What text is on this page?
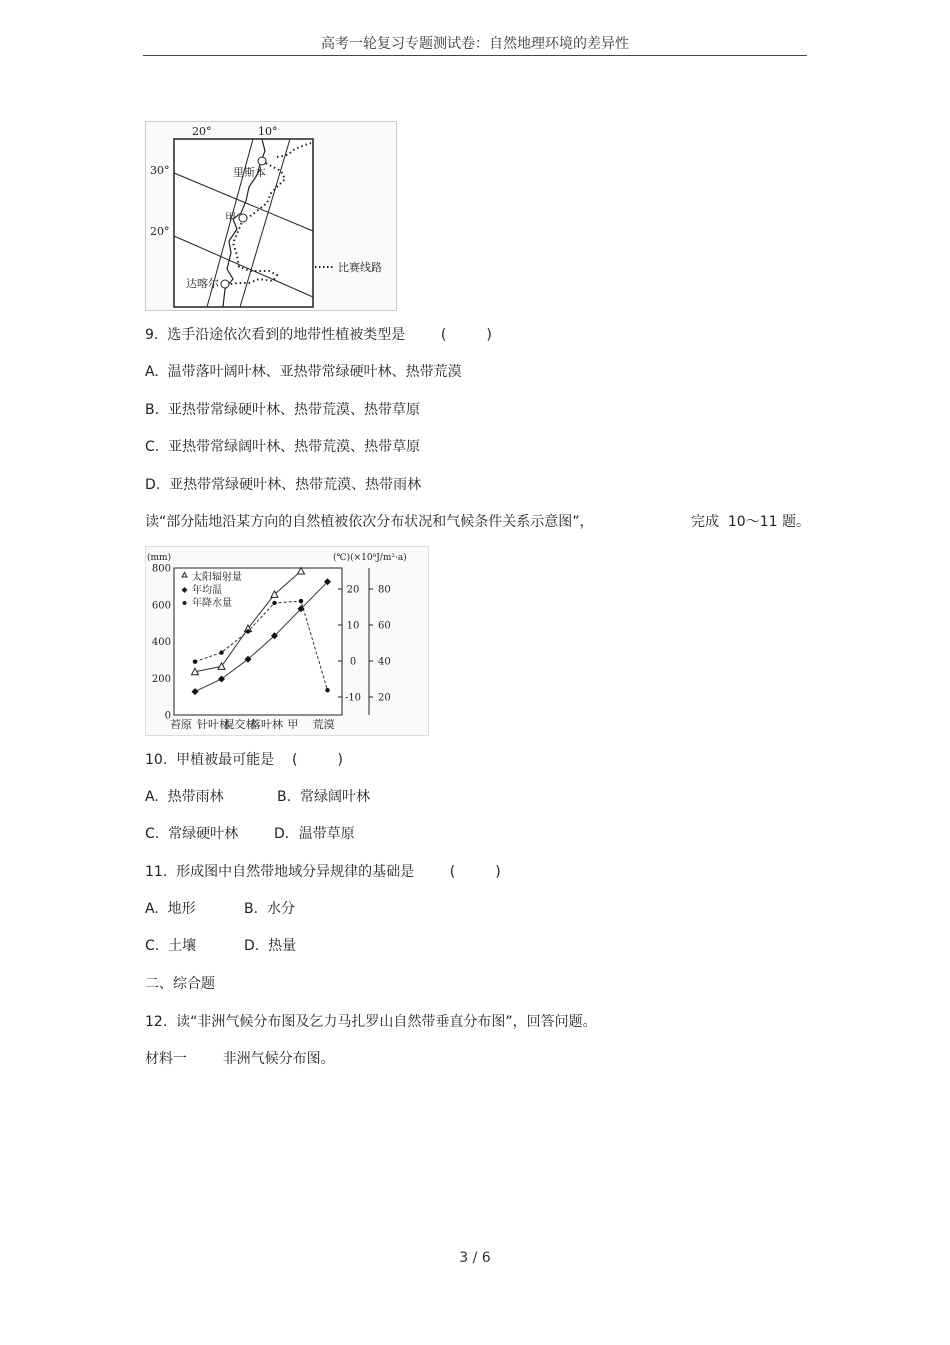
高考一轮复习专题测试卷：自然地理环境的差异性
20°	10°
30°
20°
里斯本
甲
达喀尔
比赛线路
9.  选手沿途依次看到的地带性植被类型是        (         )
A.  温带落叶阔叶林、亚热带常绿硬叶林、热带荒漠
B.  亚热带常绿硬叶林、热带荒漠、热带草原
C.  亚热带常绿阔叶林、热带荒漠、热带草原
D.  亚热带常绿硬叶林、热带荒漠、热带雨林
读“部分陆地沿某方向的自然植被依次分布状况和气候条件关系示意图”，	完成  10～11 题。
(mm)	(℃)(×10⁸J/m²·a)
800
600
400
200
0
20
10
0
-10
80
60
40
20
苔原 针叶林
混交林
落叶林 甲 荒漠
太阳辐射量
年均温
年降水量
10.  甲植被最可能是    (         )
A.  热带雨林	B.  常绿阔叶林
C.  常绿硬叶林	D．温带草原
11.  形成图中自然带地域分异规律的基础是        (         )
A.  地形	B.  水分
C.  土壤	D.  热量
二、综合题
12.  读“非洲气候分布图及乞力马扎罗山自然带垂直分布图”，回答问题。
材料一        非洲气候分布图。
3 / 6
